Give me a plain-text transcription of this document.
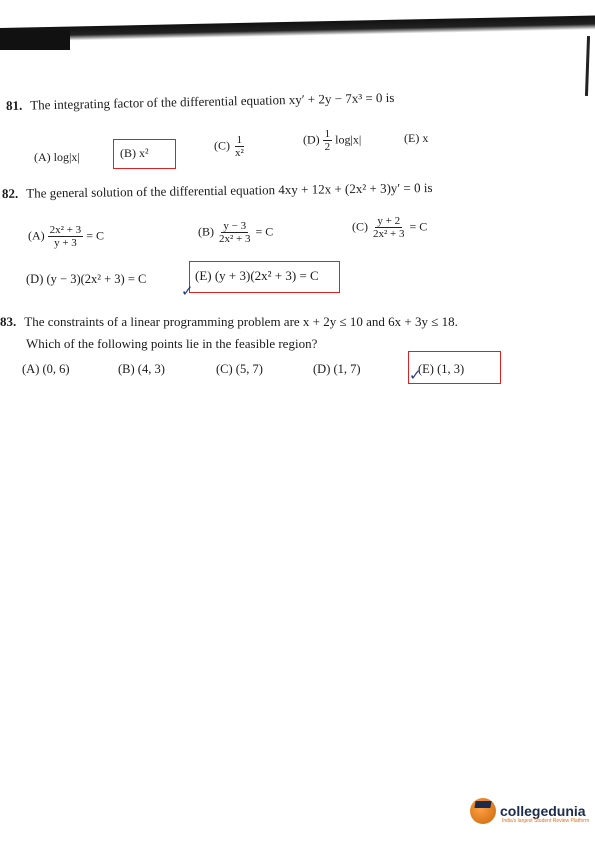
81. The integrating factor of the differential equation xy′ + 2y − 7x³ = 0 is
(A) log|x|	(B) x²
$(C) \frac{1}{\text{x²}}$	$(D) \frac{1}{2} \log|x|$	(E) x
82. The general solution of the differential equation 4xy + 12x + (2x² + 3)y′ = 0 is
$(A) \frac{\text{2x² + 3}}{y + 3} = C$	$(B) \frac{y - 3}{\text{2x² + 3}} = C$	$(C) \frac{y + 2}{\text{2x² + 3}} = C$
(D) (y − 3)(2x² + 3) = C	(E) (y + 3)(2x² + 3) = C
✓
83. The constraints of a linear programming problem are x + 2y ≤ 10 and 6x + 3y ≤ 18.
Which of the following points lie in the feasible region?
(A) (0, 6)	(B) (4, 3)	(C) (5, 7)	(D) (1, 7)	(E) (1, 3)
✓
collegedunia
India's largest Student Review Platform
